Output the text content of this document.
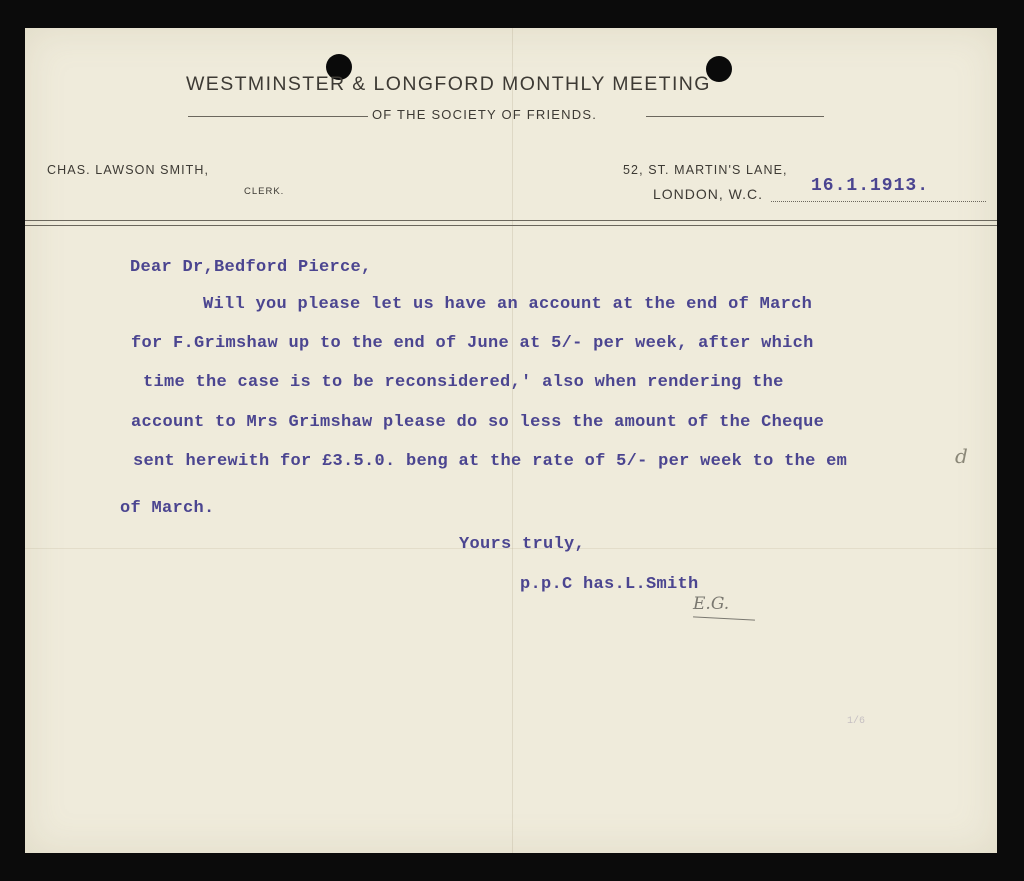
WESTMINSTER & LONGFORD MONTHLY MEETING
OF THE SOCIETY OF FRIENDS.
CHAS. LAWSON SMITH,
CLERK.
52, ST. MARTIN'S LANE,
LONDON, W.C.	16.1.1913.
Dear Dr,Bedford Pierce,
Will you please let us have an account at the end of March
for F.Grimshaw up to the end of June at 5/- per week, after which
time the case is to be reconsidered,' also when rendering the
account to Mrs Grimshaw please do so less the amount of the Cheque
sent herewith for £3.5.0. beng at the rate of 5/- per week to the em	d
of March.
Yours truly,
p.p.C has.L.Smith
E.G.
1/6
